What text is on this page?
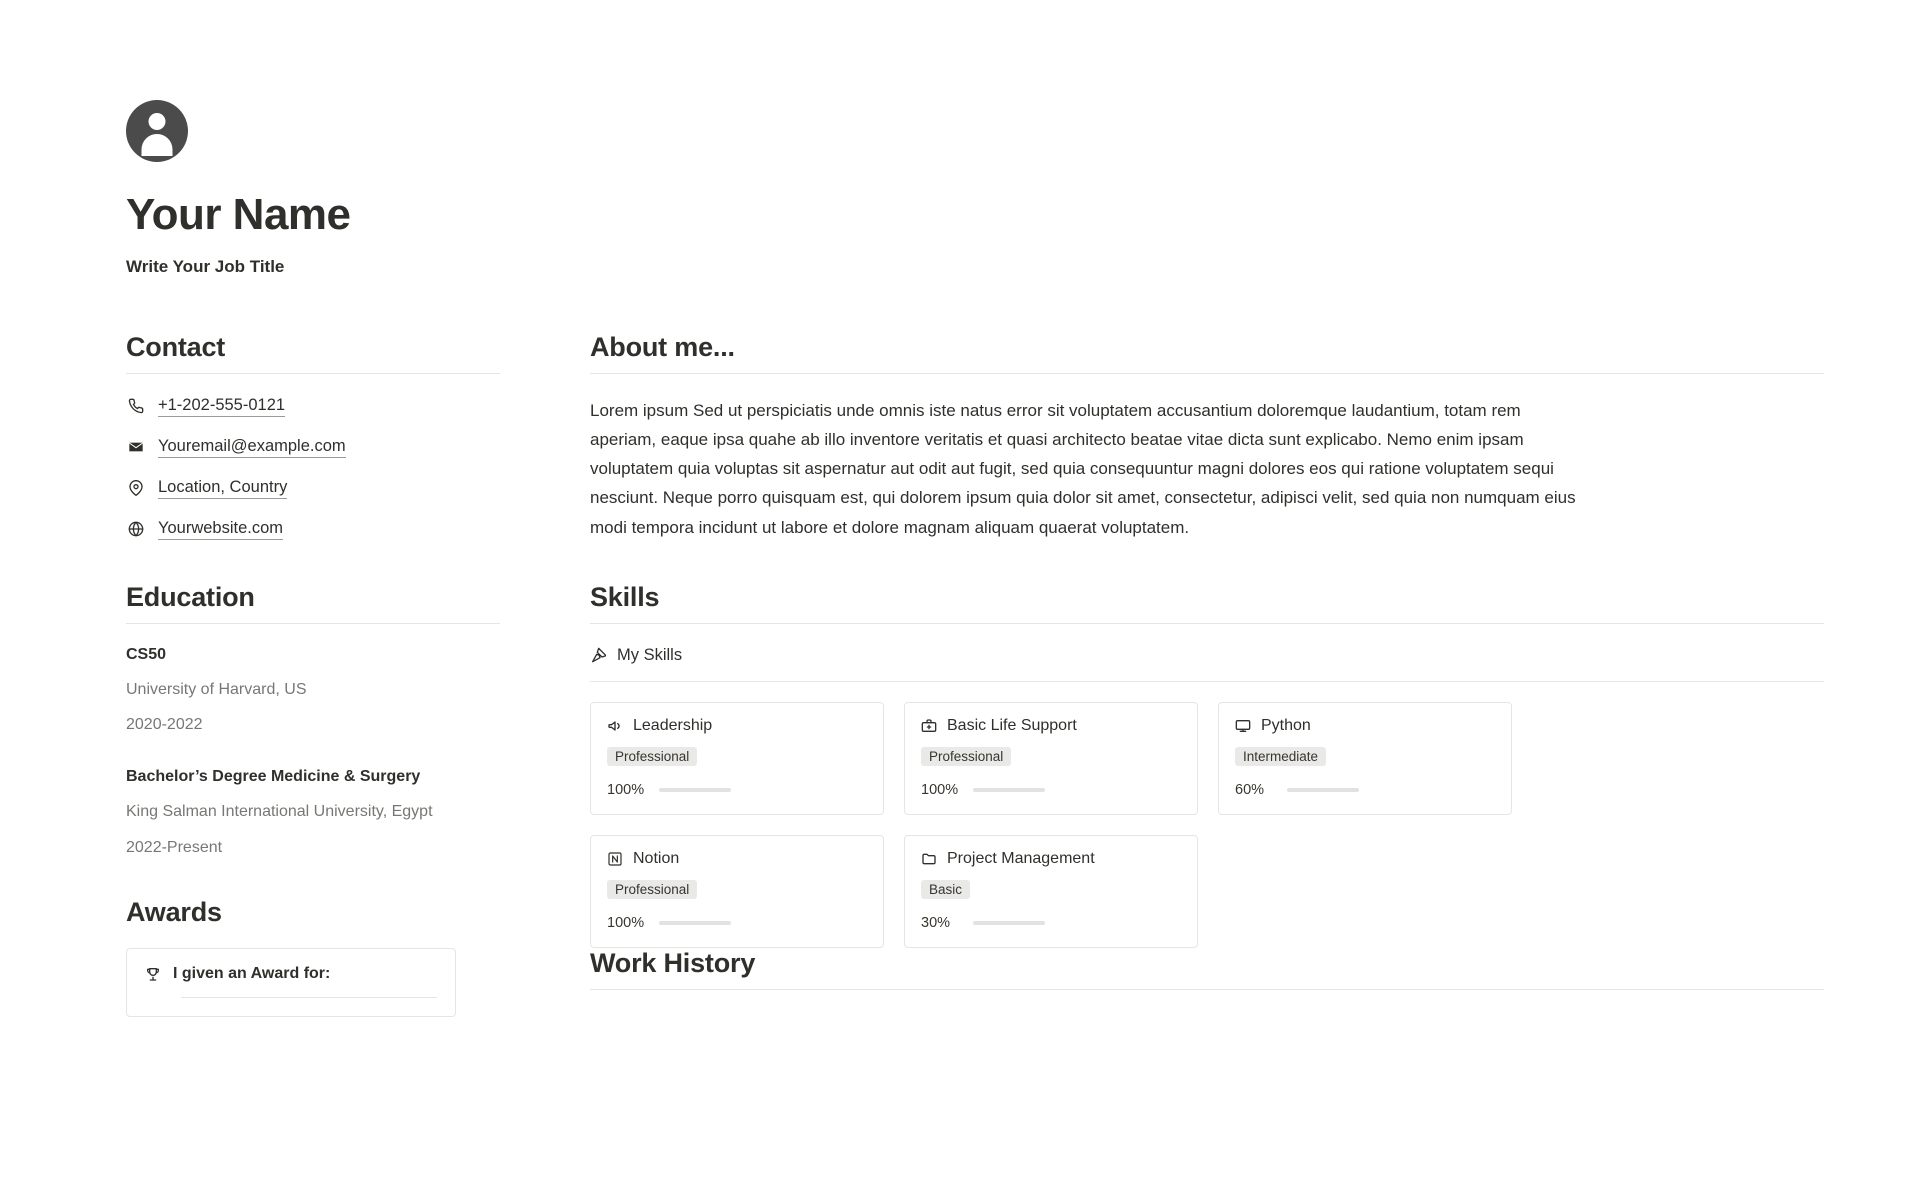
Your Name

Write Your Job Title

Contact
+1-202-555-0121
Youremail@example.com
Location, Country
Yourwebsite.com
Education

CS50

University of Harvard, US

2020-2022

Bachelor’s Degree Medicine & Surgery

King Salman International University, Egypt

2022-Present

Awards
I given an Award for:
About me...

Lorem ipsum Sed ut perspiciatis unde omnis iste natus error sit voluptatem accusantium doloremque laudantium, totam rem aperiam, eaque ipsa quahe ab illo inventore veritatis et quasi architecto beatae vitae dicta sunt explicabo. Nemo enim ipsam voluptatem quia voluptas sit aspernatur aut odit aut fugit, sed quia consequuntur magni dolores eos qui ratione voluptatem sequi nesciunt. Neque porro quisquam est, qui dolorem ipsum quia dolor sit amet, consectetur, adipisci velit, sed quia non numquam eius modi tempora incidunt ut labore et dolore magnam aliquam quaerat voluptatem.

Skills
My Skills
Leadership
Professional
100%
Basic Life Support
Professional
100%
Python
Intermediate
60%
Notion
Professional
100%
Project Management
Basic
30%
Work History
